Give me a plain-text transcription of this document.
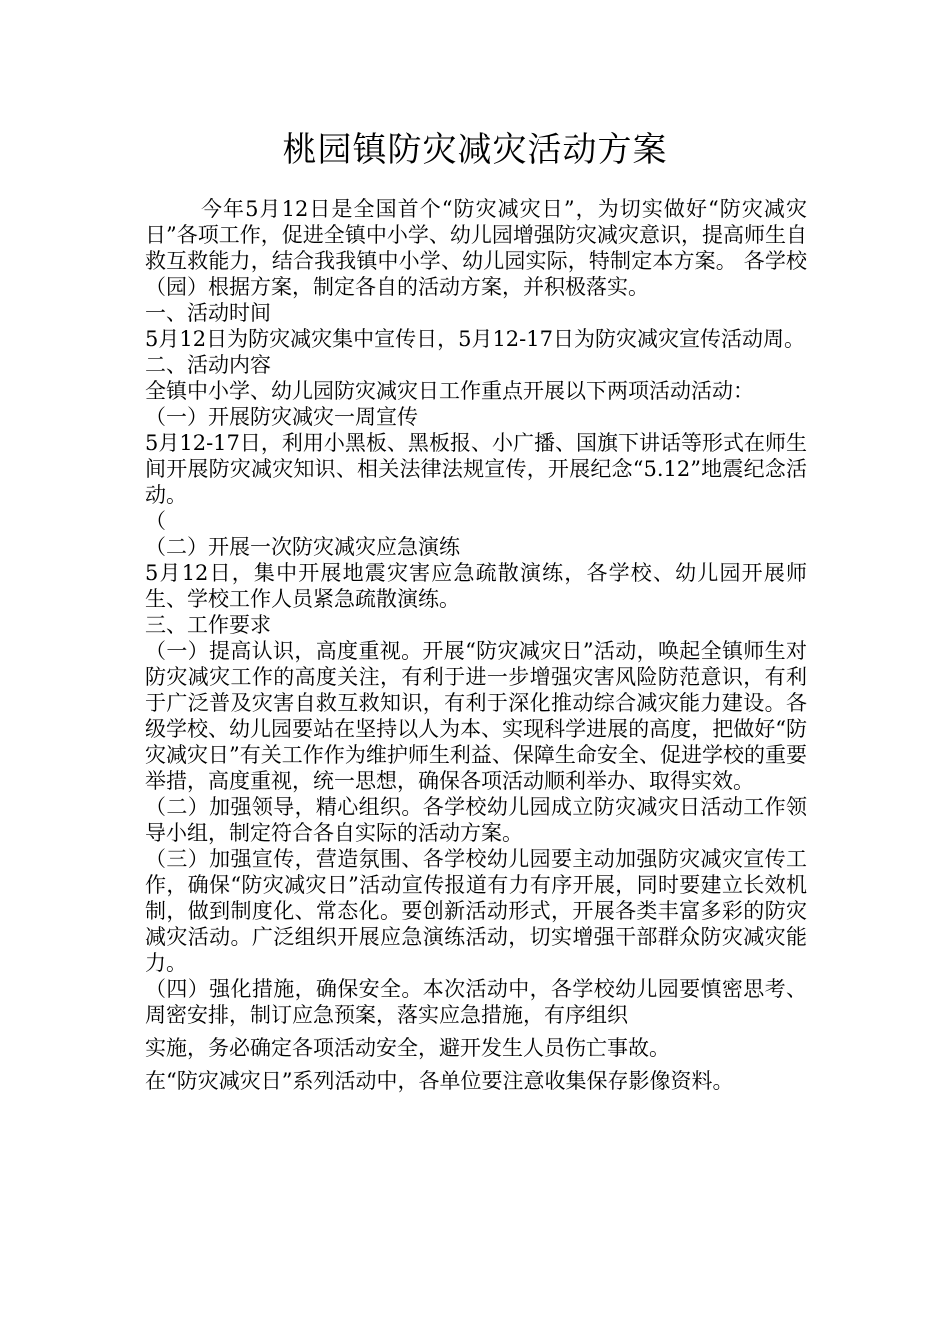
桃园镇防灾减灾活动方案

今年5月12日是全国首个“防灾减灾日”，为切实做好“防灾减灾日”各项工作，促进全镇中小学、幼儿园增强防灾减灾意识，提高师生自救互救能力，结合我我镇中小学、幼儿园实际，特制定本方案。 各学校（园）根据方案，制定各自的活动方案，并积极落实。

一、活动时间

5月12日为防灾减灾集中宣传日，5月12-17日为防灾减灾宣传活动周。

二、活动内容

全镇中小学、幼儿园防灾减灾日工作重点开展以下两项活动活动：

（一）开展防灾减灾一周宣传

5月12-17日，利用小黑板、黑板报、小广播、国旗下讲话等形式在师生间开展防灾减灾知识、相关法律法规宣传，开展纪念“5.12”地震纪念活动。

（

（二）开展一次防灾减灾应急演练

5月12日，集中开展地震灾害应急疏散演练，各学校、幼儿园开展师生、学校工作人员紧急疏散演练。

三、工作要求

（一）提高认识，高度重视。开展“防灾减灾日”活动，唤起全镇师生对防灾减灾工作的高度关注，有利于进一步增强灾害风险防范意识，有利于广泛普及灾害自救互救知识，有利于深化推动综合减灾能力建设。各级学校、幼儿园要站在坚持以人为本、实现科学进展的高度，把做好“防灾减灾日”有关工作作为维护师生利益、保障生命安全、促进学校的重要举措，高度重视，统一思想，确保各项活动顺利举办、取得实效。

（二）加强领导，精心组织。各学校幼儿园成立防灾减灾日活动工作领导小组，制定符合各自实际的活动方案。

（三）加强宣传，营造氛围、各学校幼儿园要主动加强防灾减灾宣传工作，确保“防灾减灾日”活动宣传报道有力有序开展，同时要建立长效机制，做到制度化、常态化。要创新活动形式，开展各类丰富多彩的防灾减灾活动。广泛组织开展应急演练活动，切实增强干部群众防灾减灾能力。

（四）强化措施，确保安全。本次活动中，各学校幼儿园要慎密思考、周密安排，制订应急预案，落实应急措施，有序组织

实施，务必确定各项活动安全，避开发生人员伤亡事故。

在“防灾减灾日”系列活动中，各单位要注意收集保存影像资料。
